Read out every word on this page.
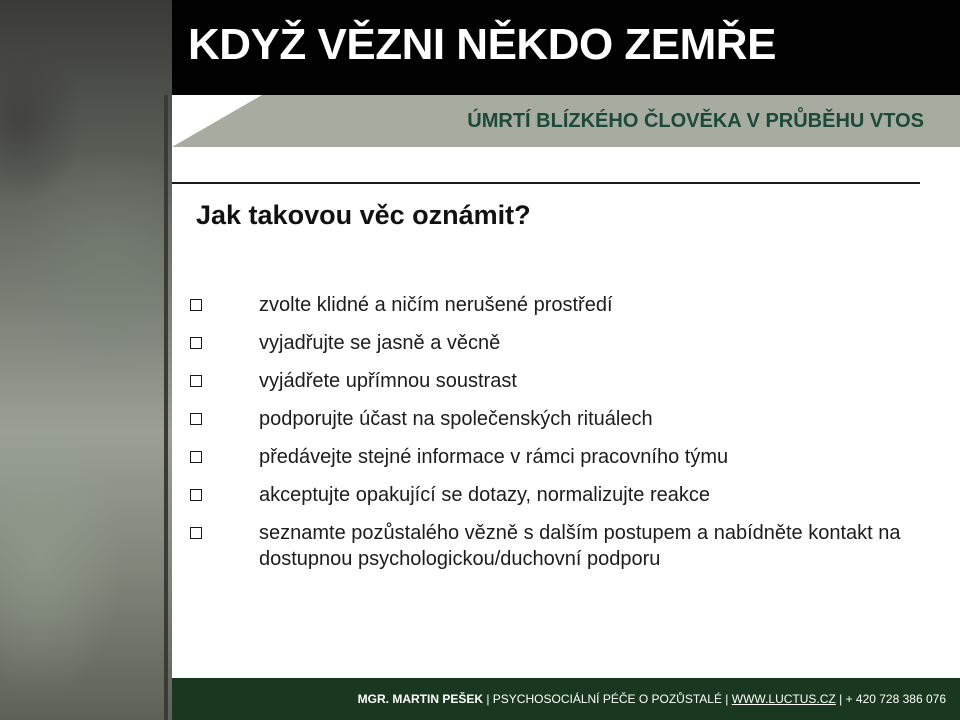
KDYŽ VĚZNI NĚKDO ZEMŘE

ÚMRTÍ BLÍZKÉHO ČLOVĚKA V PRŮBĚHU VTOS

Jak takovou věc oznámit?
zvolte klidné a ničím nerušené prostředí
vyjadřujte se jasně a věcně
vyjádřete upřímnou soustrast
podporujte účast na společenských rituálech
předávejte stejné informace v rámci pracovního týmu
akceptujte opakující se dotazy, normalizujte reakce
seznamte pozůstalého vězně s dalším postupem a nabídněte kontakt na dostupnou psychologickou/duchovní podporu

MGR. MARTIN PEŠEK | PSYCHOSOCIÁLNÍ PÉČE O POZŮSTALÉ | WWW.LUCTUS.CZ | + 420 728 386 076
